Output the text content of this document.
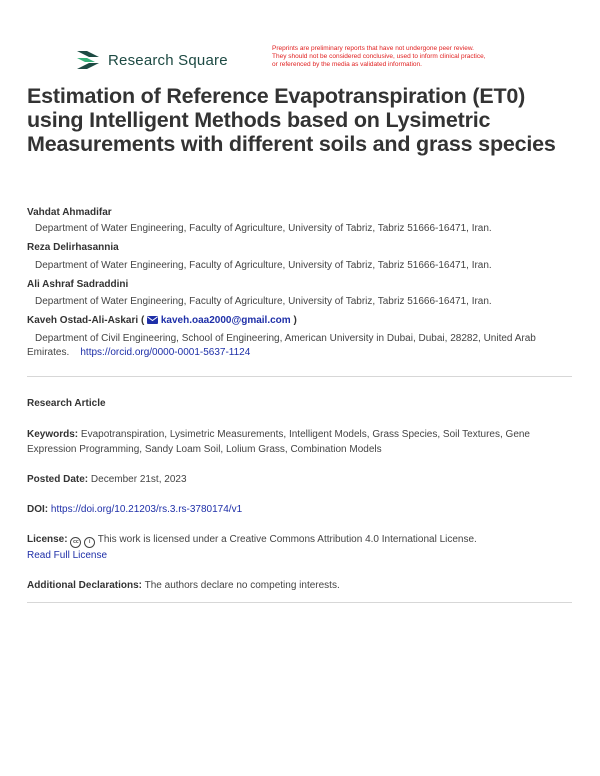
Research Square
Preprints are preliminary reports that have not undergone peer review.
They should not be considered conclusive, used to inform clinical practice,
or referenced by the media as validated information.
Estimation of Reference Evapotranspiration (ET0) using Intelligent Methods based on Lysimetric Measurements with different soils and grass species
Vahdat Ahmadifar
Department of Water Engineering, Faculty of Agriculture, University of Tabriz, Tabriz 51666-16471, Iran.
Reza Delirhasannia
Department of Water Engineering, Faculty of Agriculture, University of Tabriz, Tabriz 51666-16471, Iran.
Ali Ashraf Sadraddini
Department of Water Engineering, Faculty of Agriculture, University of Tabriz, Tabriz 51666-16471, Iran.
Kaveh Ostad-Ali-Askari ( kaveh.oaa2000@gmail.com )
Department of Civil Engineering, School of Engineering, American University in Dubai, Dubai, 28282, United Arab Emirates. https://orcid.org/0000-0001-5637-1124
Research Article
Keywords: Evapotranspiration, Lysimetric Measurements, Intelligent Models, Grass Species, Soil Textures, Gene Expression Programming, Sandy Loam Soil, Lolium Grass, Combination Models
Posted Date: December 21st, 2023
DOI: https://doi.org/10.21203/rs.3.rs-3780174/v1
License: cc i This work is licensed under a Creative Commons Attribution 4.0 International License.
Read Full License
Additional Declarations: The authors declare no competing interests.
